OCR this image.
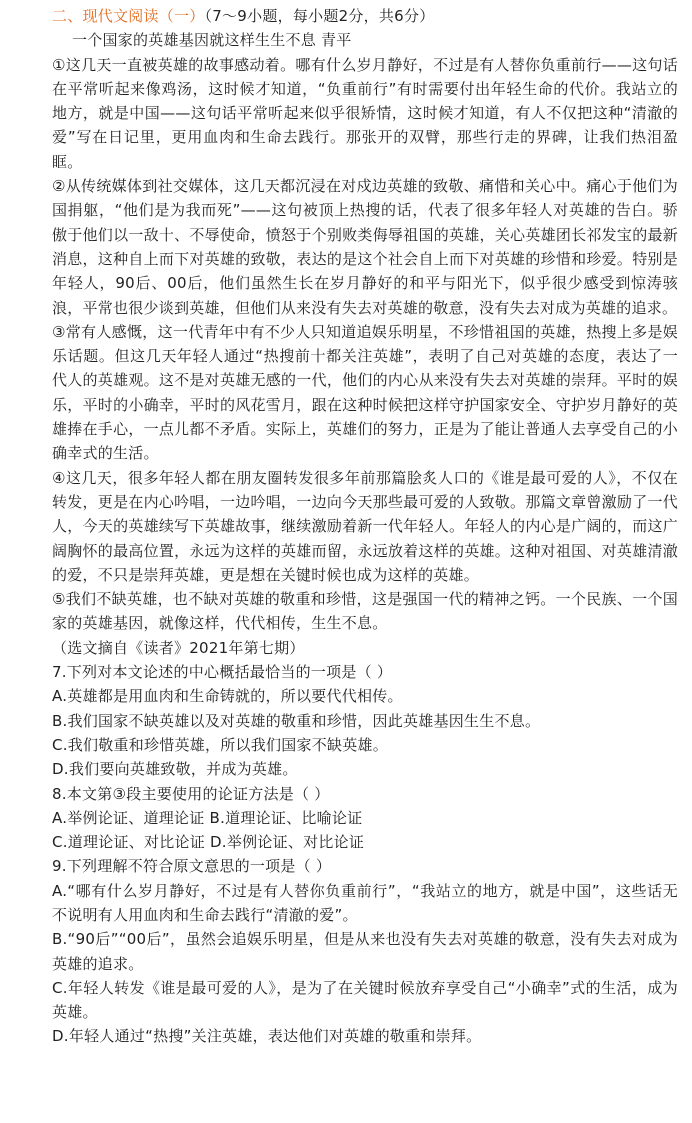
二、现代文阅读（一）（7～9小题，每小题2分，共6分）
一个国家的英雄基因就这样生生不息 青平

①这几天一直被英雄的故事感动着。哪有什么岁月静好，不过是有人替你负重前行——这句话在平常听起来像鸡汤，这时候才知道，“负重前行”有时需要付出年轻生命的代价。我站立的地方，就是中国——这句话平常听起来似乎很矫情，这时候才知道，有人不仅把这种“清澈的爱”写在日记里，更用血肉和生命去践行。那张开的双臂，那些行走的界碑，让我们热泪盈眶。

②从传统媒体到社交媒体，这几天都沉浸在对戍边英雄的致敬、痛惜和关心中。痛心于他们为国捐躯，“他们是为我而死”——这句被顶上热搜的话，代表了很多年轻人对英雄的告白。骄傲于他们以一敌十、不辱使命，愤怒于个别败类侮辱祖国的英雄，关心英雄团长祁发宝的最新消息，这种自上而下对英雄的致敬，表达的是这个社会自上而下对英雄的珍惜和珍爱。特别是年轻人，90后、00后，他们虽然生长在岁月静好的和平与阳光下，似乎很少感受到惊涛骇浪，平常也很少谈到英雄，但他们从来没有失去对英雄的敬意，没有失去对成为英雄的追求。

③常有人感慨，这一代青年中有不少人只知道追娱乐明星，不珍惜祖国的英雄，热搜上多是娱乐话题。但这几天年轻人通过“热搜前十都关注英雄”，表明了自己对英雄的态度，表达了一代人的英雄观。这不是对英雄无感的一代，他们的内心从来没有失去对英雄的崇拜。平时的娱乐，平时的小确幸，平时的风花雪月，跟在这种时候把这样守护国家安全、守护岁月静好的英雄捧在手心，一点儿都不矛盾。实际上，英雄们的努力，正是为了能让普通人去享受自己的小确幸式的生活。

④这几天，很多年轻人都在朋友圈转发很多年前那篇脍炙人口的《谁是最可爱的人》，不仅在转发，更是在内心吟唱，一边吟唱，一边向今天那些最可爱的人致敬。那篇文章曾激励了一代人，今天的英雄续写下英雄故事，继续激励着新一代年轻人。年轻人的内心是广阔的，而这广阔胸怀的最高位置，永远为这样的英雄而留，永远放着这样的英雄。这种对祖国、对英雄清澈的爱，不只是崇拜英雄，更是想在关键时候也成为这样的英雄。

⑤我们不缺英雄，也不缺对英雄的敬重和珍惜，这是强国一代的精神之钙。一个民族、一个国家的英雄基因，就像这样，代代相传，生生不息。

（选文摘自《读者》2021年第七期）

7.下列对本文论述的中心概括最恰当的一项是（ ）

A.英雄都是用血肉和生命铸就的，所以要代代相传。

B.我们国家不缺英雄以及对英雄的敬重和珍惜，因此英雄基因生生不息。

C.我们敬重和珍惜英雄，所以我们国家不缺英雄。

D.我们要向英雄致敬，并成为英雄。

8.本文第③段主要使用的论证方法是（ ）

A.举例论证、道理论证 B.道理论证、比喻论证

C.道理论证、对比论证 D.举例论证、对比论证

9.下列理解不符合原文意思的一项是（ ）

A.“哪有什么岁月静好，不过是有人替你负重前行”，“我站立的地方，就是中国”，这些话无不说明有人用血肉和生命去践行“清澈的爱”。

B.“90后”“00后”，虽然会追娱乐明星，但是从来也没有失去对英雄的敬意，没有失去对成为英雄的追求。

C.年轻人转发《谁是最可爱的人》，是为了在关键时候放弃享受自己“小确幸”式的生活，成为英雄。

D.年轻人通过“热搜”关注英雄，表达他们对英雄的敬重和崇拜。
